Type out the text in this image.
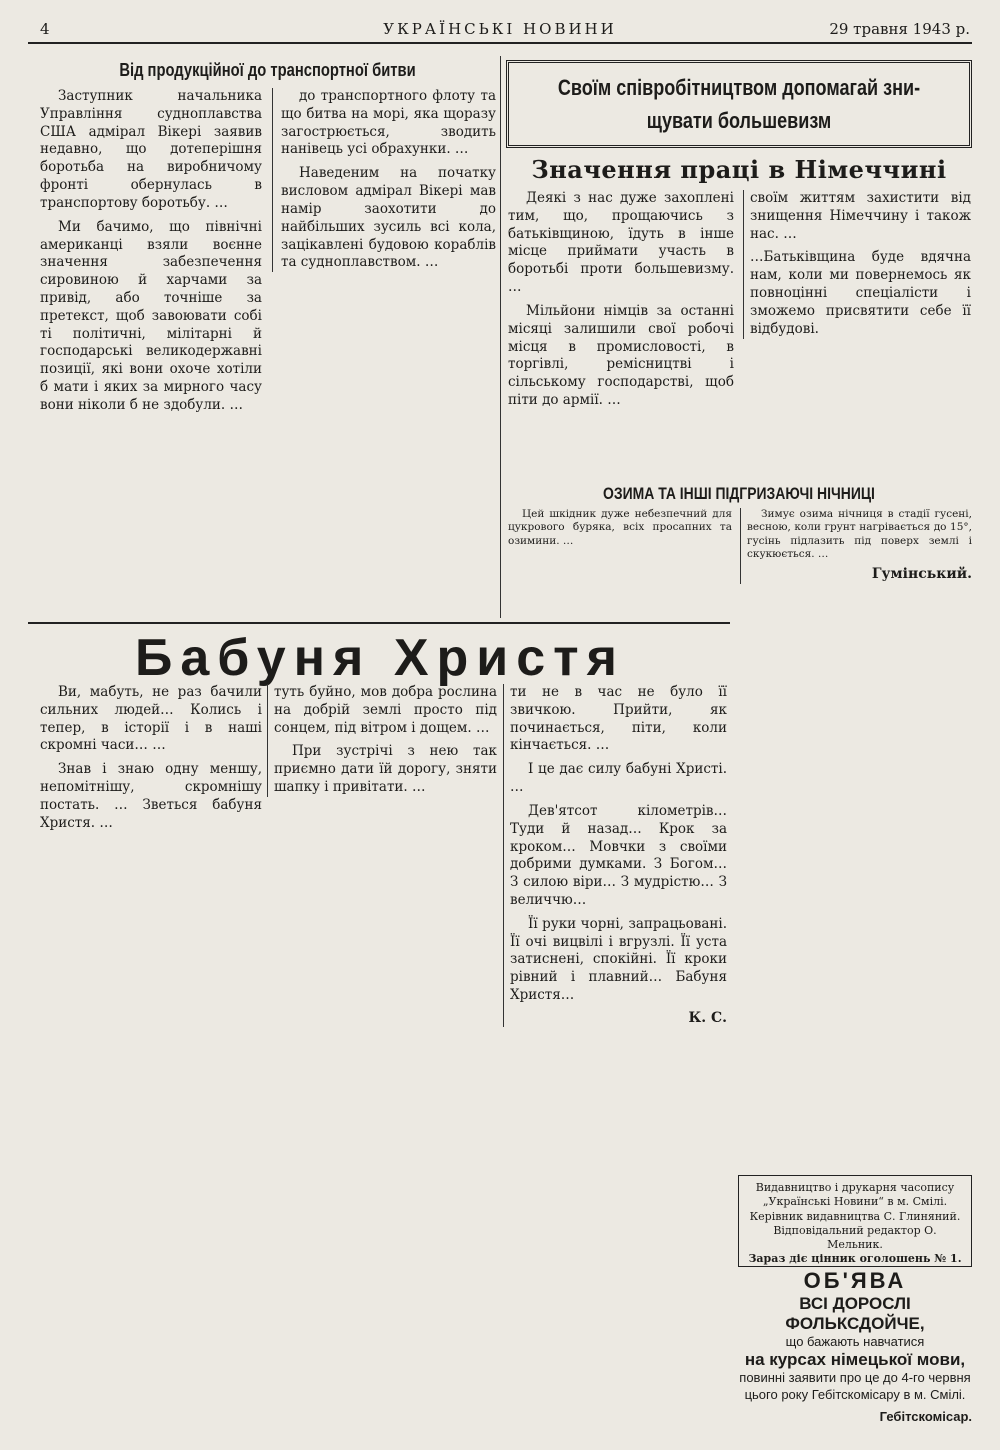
4	УКРАЇНСЬКІ НОВИНИ	29 травня 1943 р.
Від продукційної до транспортної битви

Заступник начальника Управління судноплавства США адмірал Вікері заявив недавно, що дотеперішня боротьба на виробничому фронті обернулась в транспортову боротьбу. …

Ми бачимо, що північні американці взяли воєнне значення забезпечення сировиною й харчами за привід, або точніше за претекст, щоб завоювати собі ті політичні, мілітарні й господарські великодержавні позиції, які вони охоче хотіли б мати і яких за мирного часу вони ніколи б не здобули. …

до транспортного флоту та що битва на морі, яка щоразу загострюється, зводить нанівець усі обрахунки. …

Наведеним на початку висловом адмірал Вікері мав намір заохотити до найбільших зусиль всі кола, зацікавлені будовою кораблів та судноплавством. …

Своїм співробітництвом допомагай зни-
щувати большевизм
Значення праці в Німеччині

Деякі з нас дуже захоплені тим, що, прощаючись з батьківщиною, їдуть в інше місце приймати участь в боротьбі проти большевизму. …

Мільйони німців за останні місяці залишили свої робочі місця в промисловості, в торгівлі, ремісництві і сільському господарстві, щоб піти до армії. …

своїм життям захистити від знищення Німеччину і також нас. …

…Батьківщина буде вдячна нам, коли ми повернемось як повноцінні спеціалісти і зможемо присвятити себе її відбудові.

ОЗИМА ТА ІНШІ ПІДГРИЗАЮЧІ НІЧНИЦІ

Цей шкідник дуже небезпечний для цукрового буряка, всіх просапних та озимини. …

Зимує озима нічниця в стадії гусені, весною, коли грунт нагрівається до 15°, гусінь підлазить під поверх землі і скукюється. …

Гумінський.
Бабуня Христя

Ви, мабуть, не раз бачили сильних людей… Колись і тепер, в історії і в наші скромні часи… …

Знав і знаю одну меншу, непомітнішу, скромнішу постать. … Зветься бабуня Христя. …

туть буйно, мов добра рослина на добрій землі просто під сонцем, під вітром і дощем. …

При зустрічі з нею так приємно дати їй дорогу, зняти шапку і привітати. …

ти не в час не було її звичкою. Прийти, як починається, піти, коли кінчається. …

І це дає силу бабуні Христі. …

Дев'ятсот кілометрів… Туди й назад… Крок за кроком… Мовчки з своїми добрими думками. З Богом… З силою віри… З мудрістю… З величчю…

Її руки чорні, запрацьовані. Її очі вицвілі і вгрузлі. Її уста затиснені, спокійні. Її кроки рівний і плавний… Бабуня Христя…

К. С.
Видавництво і друкарня часопису „Українські Новини“ в м. Смілі.
Керівник видавництва С. Глиняний.
Відповідальний редактор О. Мельник.
Зараз діє цінник оголошень № 1.
ОБ'ЯВА
ВСІ ДОРОСЛІ ФОЛЬКСДОЙЧЕ,
що бажають навчатися
на курсах німецької мови,
повинні заявити про це до 4-го червня цього року Гебітскомісару в м. Смілі.
Гебітскомісар.
